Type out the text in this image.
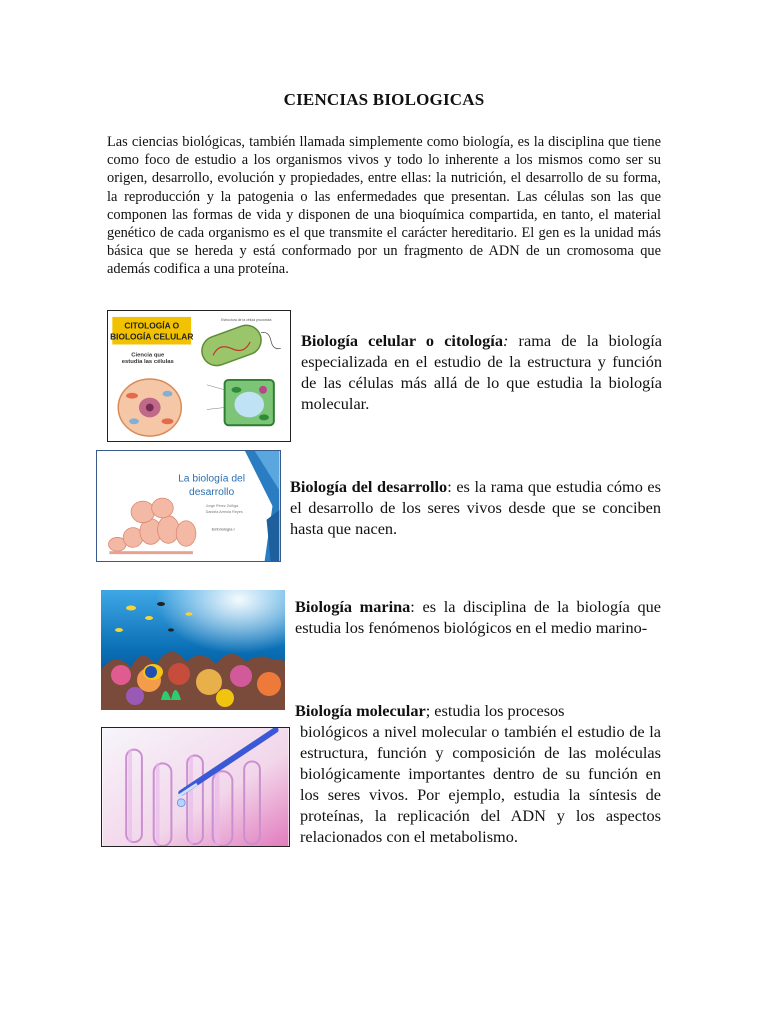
CIENCIAS BIOLOGICAS

Las ciencias biológicas, también llamada simplemente como biología, es la disciplina que tiene como foco de estudio a los organismos vivos y todo lo inherente a los mismos como ser su origen, desarrollo, evolución y propiedades, entre ellas: la nutrición, el desarrollo de su forma, la reproducción y la patogenia o las enfermedades que presentan. Las células son las que componen las formas de vida y disponen de una bioquímica compartida, en tanto, el material genético de cada organismo es el que transmite el carácter hereditario. El gen es la unidad más básica que se hereda y está conformado por un fragmento de ADN de un cromosoma que además codifica a una proteína.

CITOLOGÍA O
BIOLOGÍA CELULAR
Ciencia que
estudia las células
Estructura de la célula procariota
Biología celular o citología: rama de la biología especializada en el estudio de la estructura y función de las células más allá de lo que estudia la biología molecular.
La biología del
desarrollo
Jorge Pérez Zúñiga
Daniela Arreola Reyes
Embriología I
Biología del desarrollo: es la rama que estudia cómo es el desarrollo de los seres vivos desde que se conciben hasta que nacen.
Biología marina: es la disciplina de la biología que estudia los fenómenos biológicos en el medio marino-
Biología molecular; estudia los procesos
biológicos a nivel molecular o también el estudio de la estructura, función y composición de las moléculas biológicamente importantes dentro de su función en los seres vivos. Por ejemplo, estudia la síntesis de proteínas, la replicación del ADN y los aspectos relacionados con el metabolismo.
